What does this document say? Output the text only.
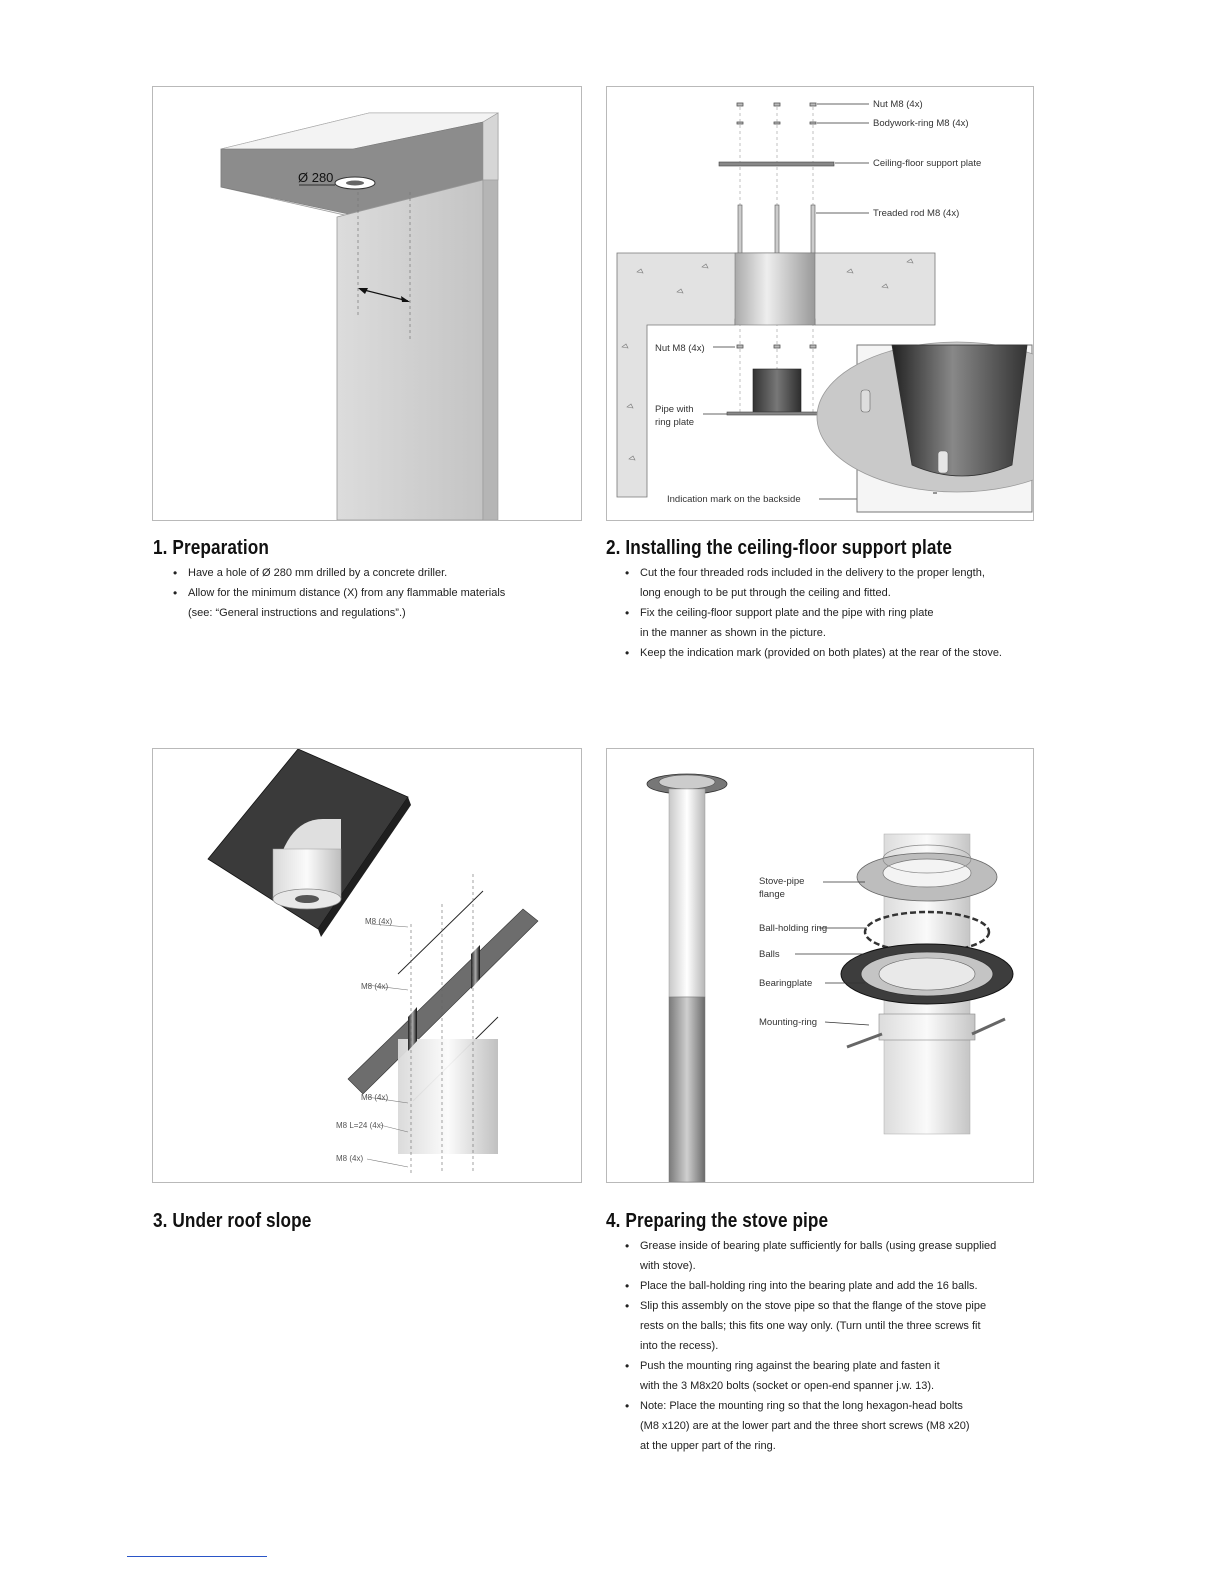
Ø 280
Nut M8 (4x)
Bodywork-ring M8 (4x)
Ceiling-floor support plate
Treaded rod M8 (4x)
Nut M8 (4x)
Pipe with
ring plate
Indication mark on the backside
M8 (4x)
M8 (4x)
M8 (4x)
M8 L=24 (4x)
M8 (4x)
Stove-pipe
flange
Ball-holding ring
Balls
Bearingplate
Mounting-ring
1. Preparation
• Have a hole of Ø 280 mm drilled by a concrete driller.
• Allow for the minimum distance (X) from any flammable materials
(see: “General instructions and regulations”.)
2. Installing the ceiling-floor support plate
• Cut the four threaded rods included in the delivery to the proper length,
long enough to be put through the ceiling and fitted.
• Fix the ceiling-floor support plate and the pipe with ring plate
in the manner as shown in the picture.
• Keep the indication mark (provided on both plates) at the rear of the stove.
3. Under roof slope	4. Preparing the stove pipe
• Grease inside of bearing plate sufficiently for balls (using grease supplied
with stove).
• Place the ball-holding ring into the bearing plate and add the 16 balls.
• Slip this assembly on the stove pipe so that the flange of the stove pipe
rests on the balls; this fits one way only. (Turn until the three screws fit
into the recess).
• Push the mounting ring against the bearing plate and fasten it
with the 3 M8x20 bolts (socket or open-end spanner j.w. 13).
• Note: Place the mounting ring so that the long hexagon-head bolts
(M8 x120) are at the lower part and the three short screws (M8 x20)
at the upper part of the ring.
